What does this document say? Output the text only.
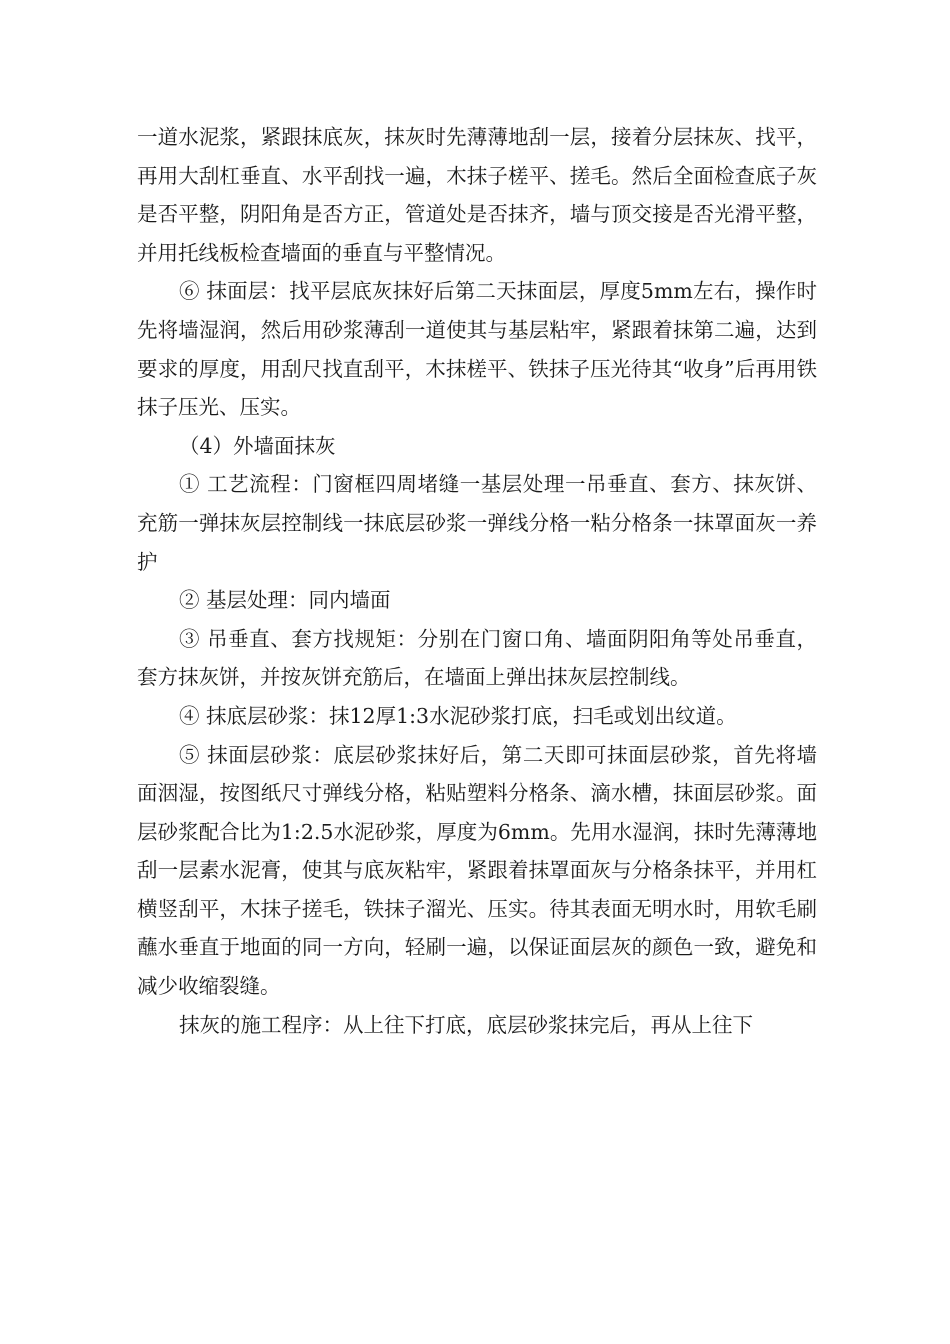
一道水泥浆，紧跟抹底灰，抹灰时先薄薄地刮一层，接着分层抹灰、找平，再用大刮杠垂直、水平刮找一遍，木抹子槎平、搓毛。然后全面检查底子灰是否平整，阴阳角是否方正，管道处是否抹齐，墙与顶交接是否光滑平整，并用托线板检查墙面的垂直与平整情况。

⑥ 抹面层：找平层底灰抹好后第二天抹面层，厚度5mm左右，操作时先将墙湿润，然后用砂浆薄刮一道使其与基层粘牢，紧跟着抹第二遍，达到要求的厚度，用刮尺找直刮平，木抹槎平、铁抹子压光待其“收身”后再用铁抹子压光、压实。

（4）外墙面抹灰

① 工艺流程：门窗框四周堵缝一基层处理一吊垂直、套方、抹灰饼、充筋一弹抹灰层控制线一抹底层砂浆一弹线分格一粘分格条一抹罩面灰一养护

② 基层处理：同内墙面

③ 吊垂直、套方找规矩：分别在门窗口角、墙面阴阳角等处吊垂直，套方抹灰饼，并按灰饼充筋后，在墙面上弹出抹灰层控制线。

④ 抹底层砂浆：抹12厚1:3水泥砂浆打底，扫毛或划出纹道。

⑤ 抹面层砂浆：底层砂浆抹好后，第二天即可抹面层砂浆，首先将墙面洇湿，按图纸尺寸弹线分格，粘贴塑料分格条、滴水槽，抹面层砂浆。面层砂浆配合比为1:2.5水泥砂浆，厚度为6mm。先用水湿润，抹时先薄薄地刮一层素水泥膏，使其与底灰粘牢，紧跟着抹罩面灰与分格条抹平，并用杠横竖刮平，木抹子搓毛，铁抹子溜光、压实。待其表面无明水时，用软毛刷蘸水垂直于地面的同一方向，轻刷一遍，以保证面层灰的颜色一致，避免和减少收缩裂缝。

抹灰的施工程序：从上往下打底，底层砂浆抹完后，再从上往下
